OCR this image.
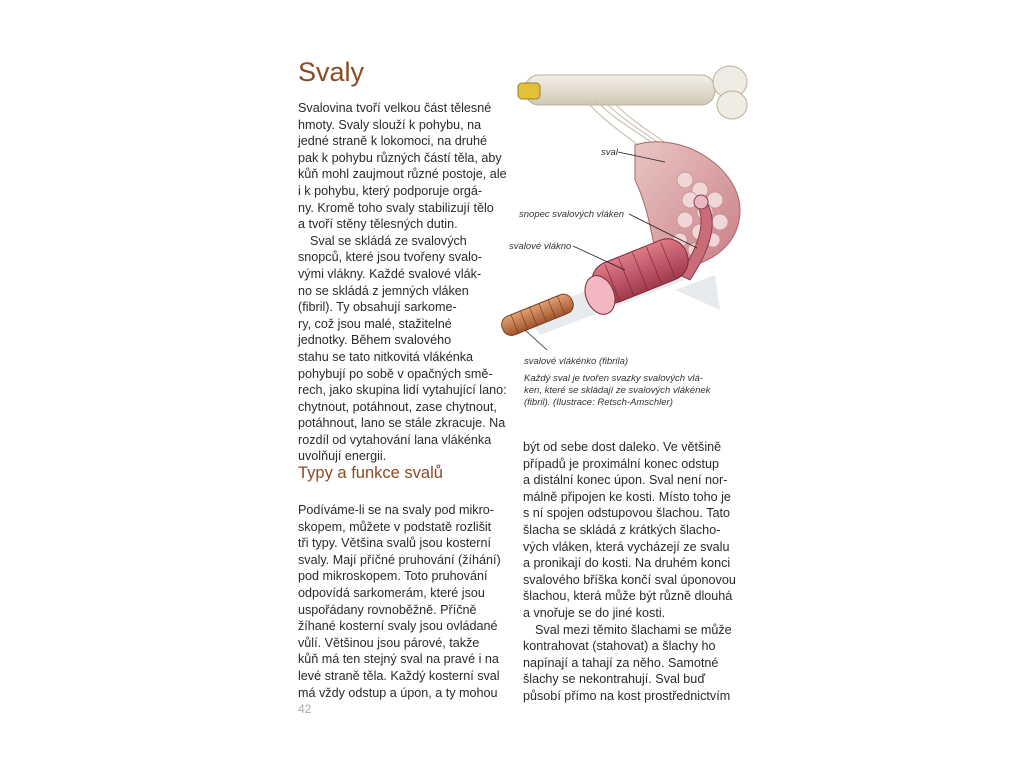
Svaly

Svalovina tvoří velkou část tělesné
hmoty. Svaly slouží k pohybu, na
jedné straně k lokomoci, na druhé
pak k pohybu různých částí těla, aby
kůň mohl zaujmout různé postoje, ale
i k pohybu, který podporuje orgá-
ny. Kromě toho svaly stabilizují tělo
a tvoří stěny tělesných dutin.

Sval se skládá ze svalových
snopců, které jsou tvořeny svalo-
vými vlákny. Každé svalové vlák-
no se skládá z jemných vláken
(fibril). Ty obsahují sarkome-
ry, což jsou malé, stažitelné
jednotky. Během svalového
stahu se tato nitkovitá vlákénka
pohybují po sobě v opačných smě-
rech, jako skupina lidí vytahující lano:
chytnout, potáhnout, zase chytnout,
potáhnout, lano se stále zkracuje. Na
rozdíl od vytahování lana vlákénka
uvolňují energii.

Typy a funkce svalů

Podíváme-li se na svaly pod mikro-
skopem, můžete v podstatě rozlišit
tři typy. Většina svalů jsou kosterní
svaly. Mají příčné pruhování (žíhání)
pod mikroskopem. Toto pruhování
odpovídá sarkomerám, které jsou
uspořádany rovnoběžně. Příčně
žíhané kosterní svaly jsou ovládané
vůlí. Většinou jsou párové, takže
kůň má ten stejný sval na pravé i na
levé straně těla. Každý kosterní sval
má vždy odstup a úpon, a ty mohou

být od sebe dost daleko. Ve většině
případů je proximální konec odstup
a distální konec úpon. Sval není nor-
málně připojen ke kosti. Místo toho je
s ní spojen odstupovou šlachou. Tato
šlacha se skládá z krátkých šlacho-
vých vláken, která vycházejí ze svalu
a pronikají do kosti. Na druhém konci
svalového bříška končí sval úponovou
šlachou, která může být různě dlouhá
a vnořuje se do jiné kosti.

Sval mezi těmito šlachami se může
kontrahovat (stahovat) a šlachy ho
napínají a tahají za něho. Samotné
šlachy se nekontrahují. Sval buď
působí přímo na kost prostřednictvím

sval
snopec svalových vláken
svalové vlákno
svalové vlákénko (fibrila)
Každý sval je tvořen svazky svalových vlá-
ken, které se skládají ze svalových vlákének
(fibril). (Ilustrace: Retsch-Amschler)
42
